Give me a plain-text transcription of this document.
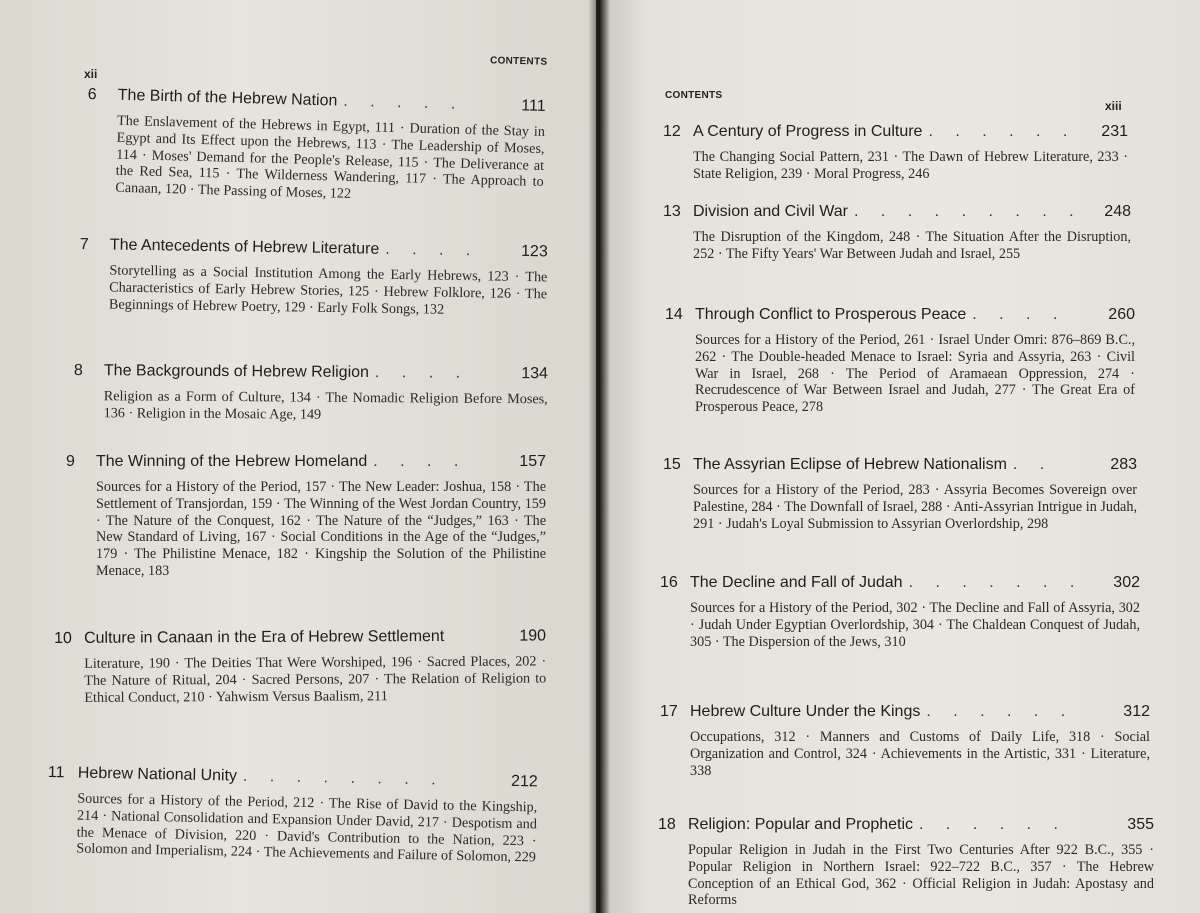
CONTENTS
xii
6	The Birth of the Hebrew Nation . . . . .	111
The Enslavement of the Hebrews in Egypt, 111 · Duration of the Stay in Egypt and Its Effect upon the Hebrews, 113 · The Leadership of Moses, 114 · Moses' Demand for the People's Release, 115 · The Deliverance at the Red Sea, 115 · The Wilderness Wandering, 117 · The Approach to Canaan, 120 · The Passing of Moses, 122
7	The Antecedents of Hebrew Literature . . . .	123
Storytelling as a Social Institution Among the Early Hebrews, 123 · The Characteristics of Early Hebrew Stories, 125 · Hebrew Folklore, 126 · The Beginnings of Hebrew Poetry, 129 · Early Folk Songs, 132
8	The Backgrounds of Hebrew Religion . . . .	134
Religion as a Form of Culture, 134 · The Nomadic Religion Before Moses, 136 · Religion in the Mosaic Age, 149
9	The Winning of the Hebrew Homeland . . . .	157
Sources for a History of the Period, 157 · The New Leader: Joshua, 158 · The Settlement of Transjordan, 159 · The Winning of the West Jordan Country, 159 · The Nature of the Conquest, 162 · The Nature of the “Judges,” 163 · The New Standard of Living, 167 · Social Conditions in the Age of the “Judges,” 179 · The Philistine Menace, 182 · Kingship the Solution of the Philistine Menace, 183
10 Culture in Canaan in the Era of Hebrew Settlement	190
Literature, 190 · The Deities That Were Worshiped, 196 · Sacred Places, 202 · The Nature of Ritual, 204 · Sacred Persons, 207 · The Relation of Religion to Ethical Conduct, 210 · Yahwism Versus Baalism, 211
11 Hebrew National Unity . . . . . . . .	212
Sources for a History of the Period, 212 · The Rise of David to the Kingship, 214 · National Consolidation and Expansion Under David, 217 · Despotism and the Menace of Division, 220 · David's Contribution to the Nation, 223 · Solomon and Imperialism, 224 · The Achievements and Failure of Solomon, 229
CONTENTS
xiii
12 A Century of Progress in Culture . . . . . .	231
The Changing Social Pattern, 231 · The Dawn of Hebrew Literature, 233 · State Religion, 239 · Moral Progress, 246
13 Division and Civil War . . . . . . . . .	248
The Disruption of the Kingdom, 248 · The Situation After the Disruption, 252 · The Fifty Years' War Between Judah and Israel, 255
14 Through Conflict to Prosperous Peace . . . .	260
Sources for a History of the Period, 261 · Israel Under Omri: 876–869 B.C., 262 · The Double-headed Menace to Israel: Syria and Assyria, 263 · Civil War in Israel, 268 · The Period of Aramaean Oppression, 274 · Recrudescence of War Between Israel and Judah, 277 · The Great Era of Prosperous Peace, 278
15 The Assyrian Eclipse of Hebrew Nationalism . .	283
Sources for a History of the Period, 283 · Assyria Becomes Sovereign over Palestine, 284 · The Downfall of Israel, 288 · Anti-Assyrian Intrigue in Judah, 291 · Judah's Loyal Submission to Assyrian Overlordship, 298
16 The Decline and Fall of Judah . . . . . . .	302
Sources for a History of the Period, 302 · The Decline and Fall of Assyria, 302 · Judah Under Egyptian Overlordship, 304 · The Chaldean Conquest of Judah, 305 · The Dispersion of the Jews, 310
17 Hebrew Culture Under the Kings . . . . . .	312
Occupations, 312 · Manners and Customs of Daily Life, 318 · Social Organization and Control, 324 · Achievements in the Artistic, 331 · Literature, 338
18 Religion: Popular and Prophetic . . . . . .	355
Popular Religion in Judah in the First Two Centuries After 922 B.C., 355 · Popular Religion in Northern Israel: 922–722 B.C., 357 · The Hebrew Conception of an Ethical God, 362 · Official Religion in Judah: Apostasy and Reforms
